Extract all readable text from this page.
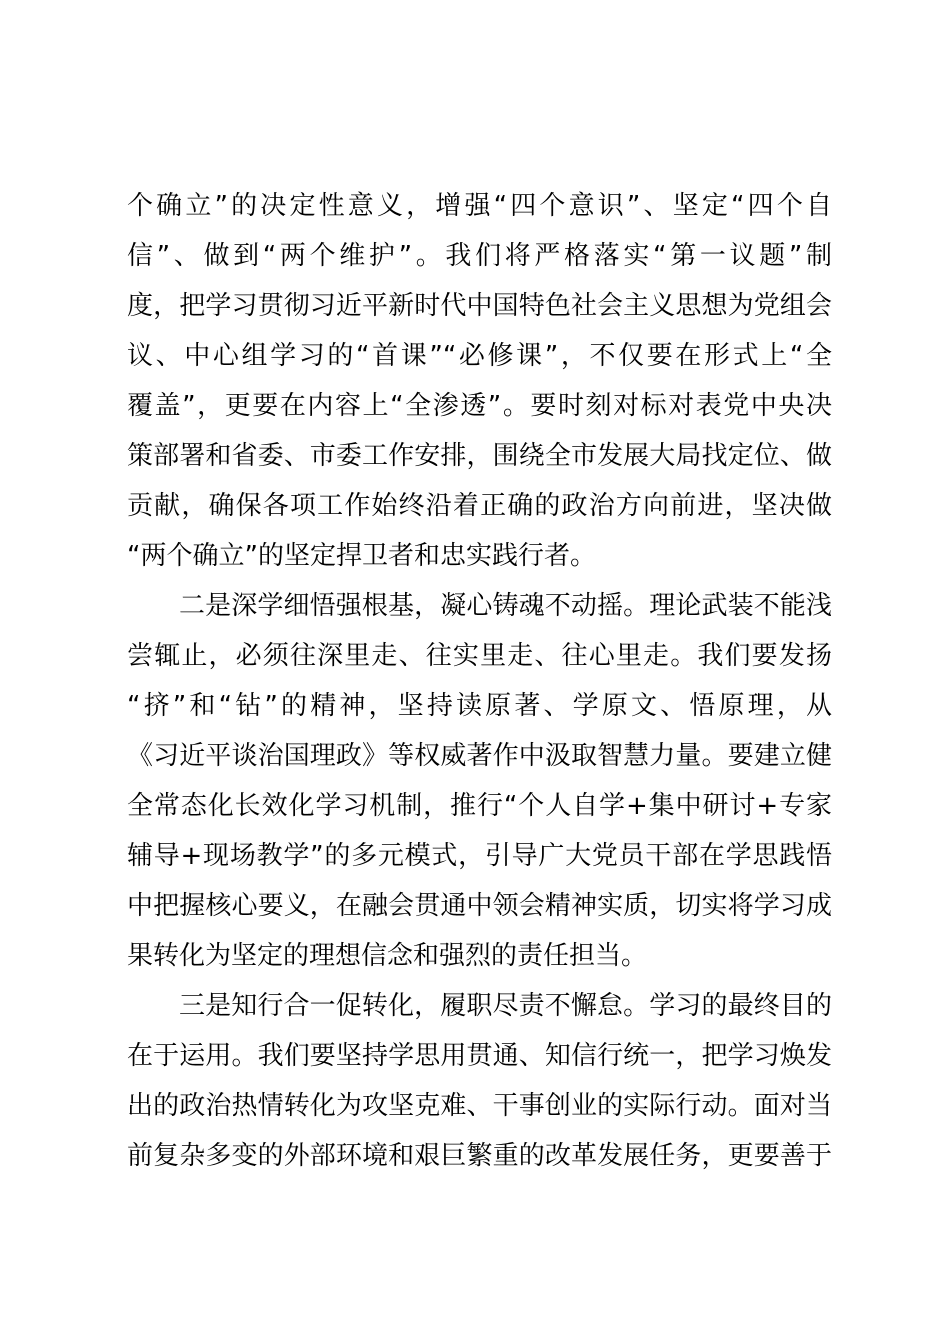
个确立”的决定性意义，增强“四个意识”、坚定“四个自
信”、做到“两个维护”。我们将严格落实“第一议题”制
度，把学习贯彻习近平新时代中国特色社会主义思想为党组会
议、中心组学习的“首课”“必修课”，不仅要在形式上“全
覆盖”，更要在内容上“全渗透”。要时刻对标对表党中央决
策部署和省委、市委工作安排，围绕全市发展大局找定位、做
贡献，确保各项工作始终沿着正确的政治方向前进，坚决做
“两个确立”的坚定捍卫者和忠实践行者。
二是深学细悟强根基，凝心铸魂不动摇。理论武装不能浅
尝辄止，必须往深里走、往实里走、往心里走。我们要发扬
“挤”和“钻”的精神，坚持读原著、学原文、悟原理，从
《习近平谈治国理政》等权威著作中汲取智慧力量。要建立健
全常态化长效化学习机制，推行“个人自学+集中研讨+专家
辅导+现场教学”的多元模式，引导广大党员干部在学思践悟
中把握核心要义，在融会贯通中领会精神实质，切实将学习成
果转化为坚定的理想信念和强烈的责任担当。
三是知行合一促转化，履职尽责不懈怠。学习的最终目的
在于运用。我们要坚持学思用贯通、知信行统一，把学习焕发
出的政治热情转化为攻坚克难、干事创业的实际行动。面对当
前复杂多变的外部环境和艰巨繁重的改革发展任务，更要善于
